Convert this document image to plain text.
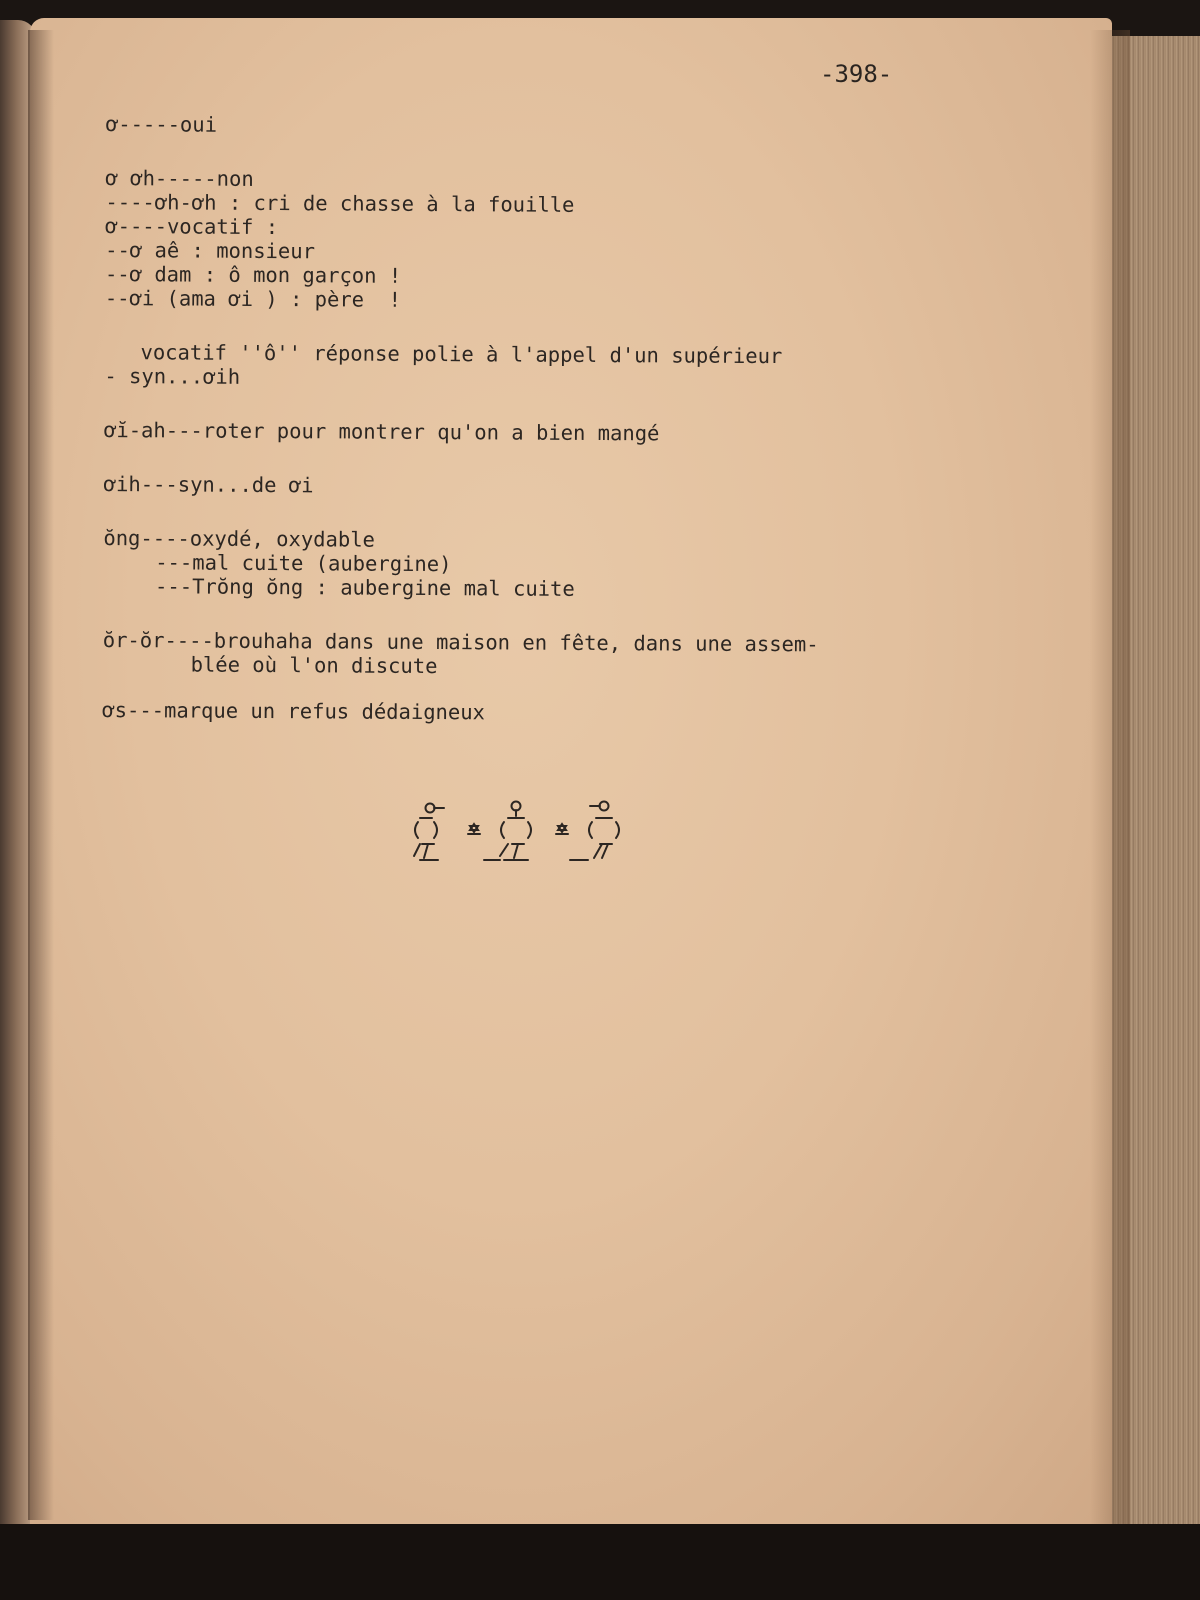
-398-
ơ-----oui
ơ ơh-----non
----ơh-ơh : cri de chasse à la fouille
ơ----vocatif :
--ơ aê : monsieur
--ơ dam : ô mon garçon !
--ơi (ama ơi ) : père  !
vocatif ''ô'' réponse polie à l'appel d'un supérieur
- syn...ơih
ơĭ-ah---roter pour montrer qu'on a bien mangé
ơih---syn...de ơi
ŏng----oxydé, oxydable
---mal cuite (aubergine)
---Trŏng ŏng : aubergine mal cuite
ŏr-ŏr----brouhaha dans une maison en fête, dans une assem-
blée où l'on discute
ơs---marque un refus dédaigneux
